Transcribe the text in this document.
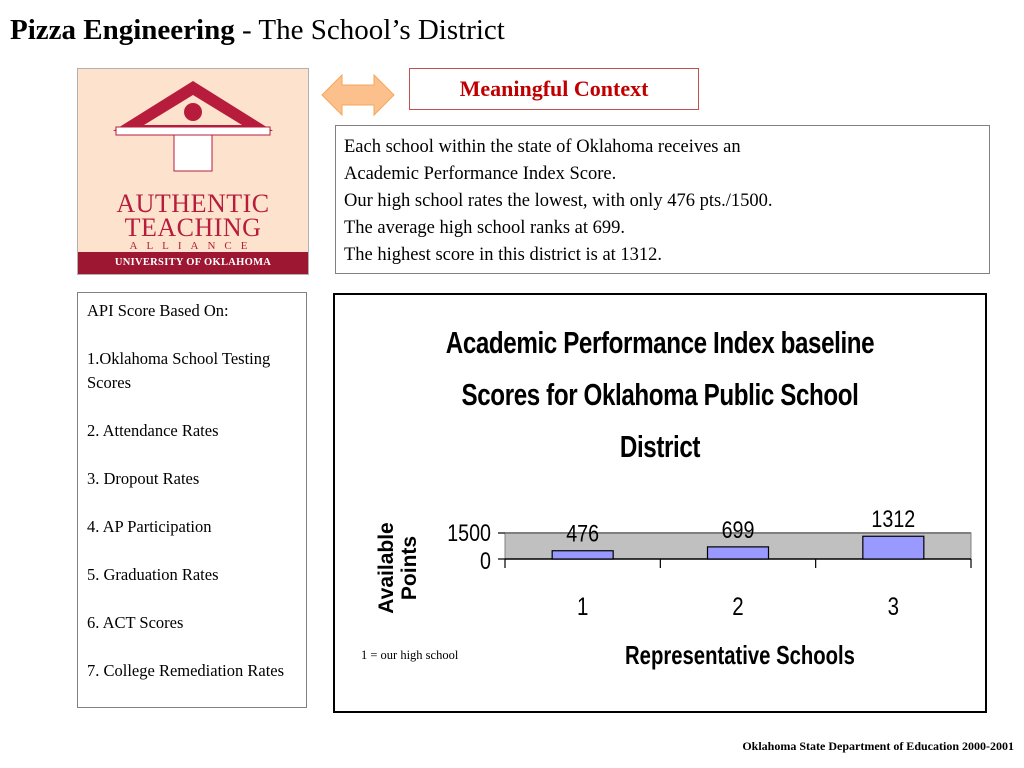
Pizza Engineering - The School’s District
AUTHENTIC
TEACHING
ALLIANCE
UNIVERSITY OF OKLAHOMA
Meaningful Context
Each school within the state of Oklahoma receives an
Academic Performance Index Score.
Our high school rates the lowest, with only 476 pts./1500.
The average high school ranks at 699.
The highest score in this district is at 1312.

API Score Based On:

1.Oklahoma School Testing Scores

2. Attendance Rates

3. Dropout Rates

4. AP Participation

5. Graduation Rates

6. ACT Scores

7. College Remediation Rates

Academic Performance Index baseline Scores for Oklahoma Public School District
Available Points
1500
0
476
1
699
2
1312
3
Representative Schools
1 = our high school
Oklahoma State Department of Education 2000-2001
